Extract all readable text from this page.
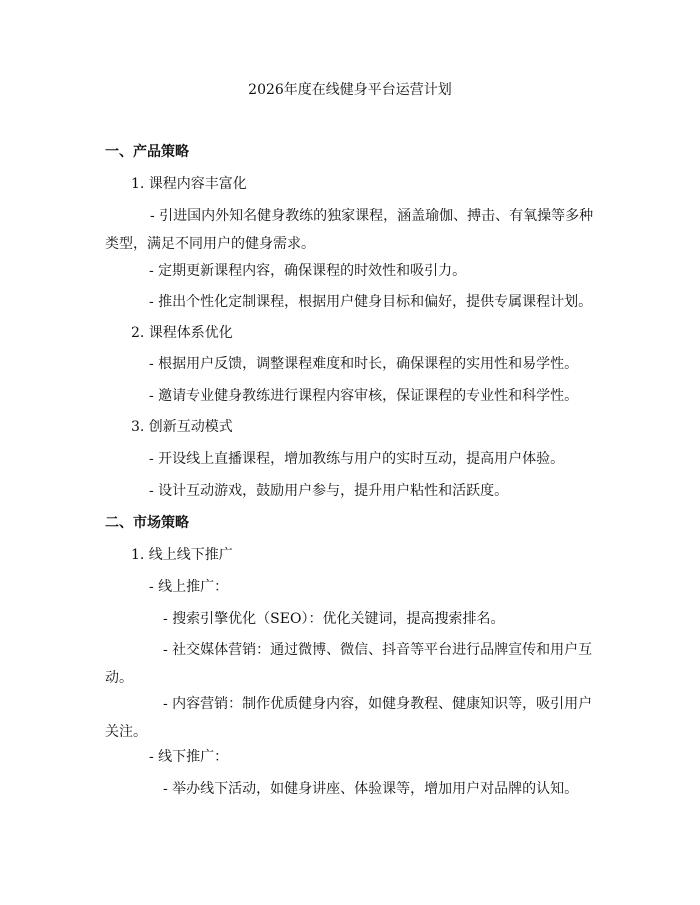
2026年度在线健身平台运营计划
一、产品策略
1. 课程内容丰富化
- 引进国内外知名健身教练的独家课程，涵盖瑜伽、搏击、有氧操等多种类型，满足不同用户的健身需求。
- 定期更新课程内容，确保课程的时效性和吸引力。
- 推出个性化定制课程，根据用户健身目标和偏好，提供专属课程计划。
2. 课程体系优化
- 根据用户反馈，调整课程难度和时长，确保课程的实用性和易学性。
- 邀请专业健身教练进行课程内容审核，保证课程的专业性和科学性。
3. 创新互动模式
- 开设线上直播课程，增加教练与用户的实时互动，提高用户体验。
- 设计互动游戏，鼓励用户参与，提升用户粘性和活跃度。
二、市场策略
1. 线上线下推广
- 线上推广：
- 搜索引擎优化（SEO）：优化关键词，提高搜索排名。
- 社交媒体营销：通过微博、微信、抖音等平台进行品牌宣传和用户互动。
- 内容营销：制作优质健身内容，如健身教程、健康知识等，吸引用户关注。
- 线下推广：
- 举办线下活动，如健身讲座、体验课等，增加用户对品牌的认知。
